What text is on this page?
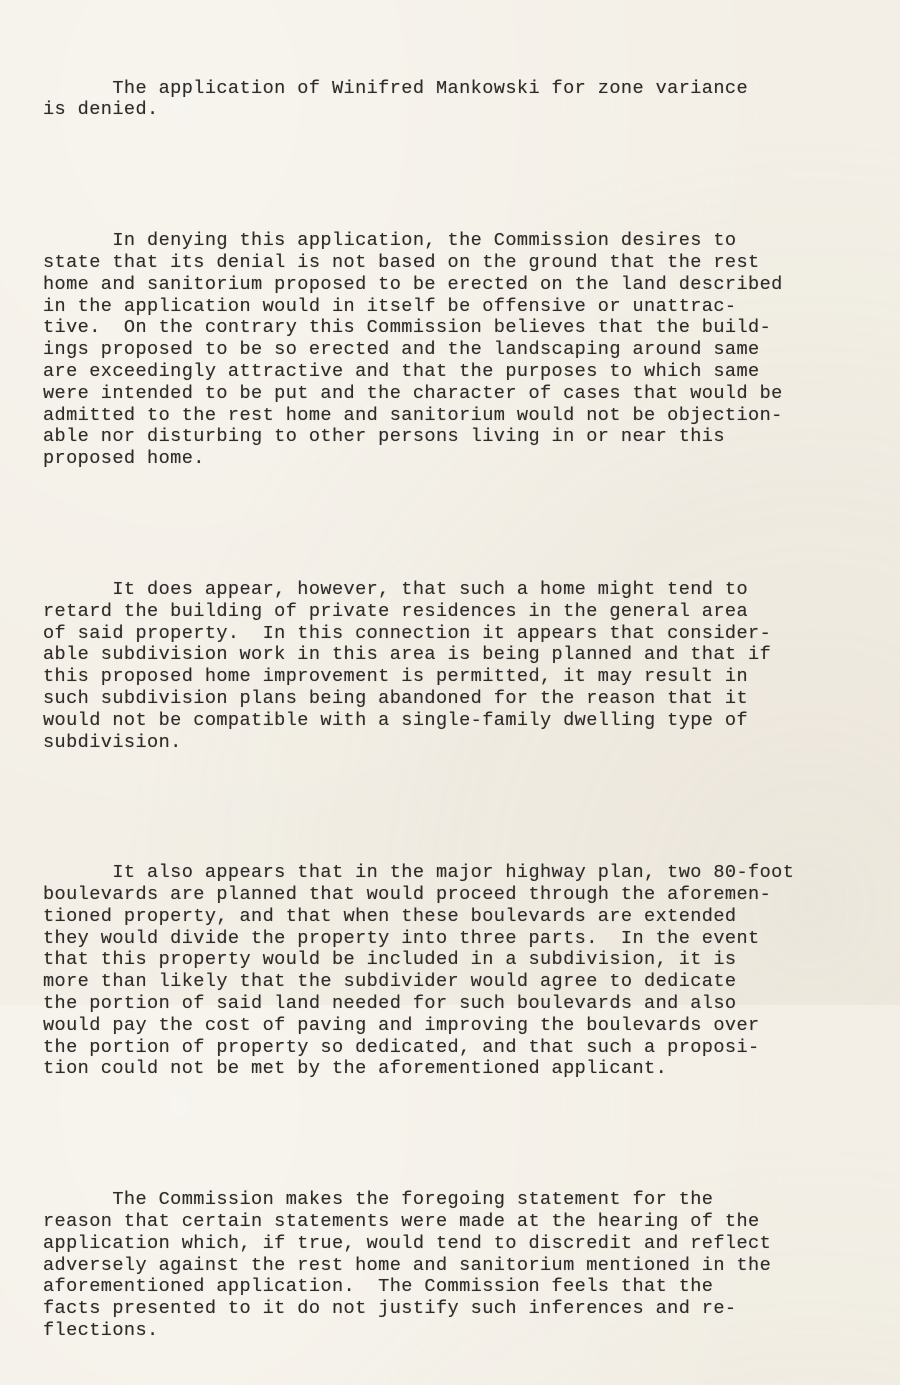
The application of Winifred Mankowski for zone variance
is denied.

In denying this application, the Commission desires to
state that its denial is not based on the ground that the rest
home and sanitorium proposed to be erected on the land described
in the application would in itself be offensive or unattrac-
tive.  On the contrary this Commission believes that the build-
ings proposed to be so erected and the landscaping around same
are exceedingly attractive and that the purposes to which same
were intended to be put and the character of cases that would be
admitted to the rest home and sanitorium would not be objection-
able nor disturbing to other persons living in or near this
proposed home.

It does appear, however, that such a home might tend to
retard the building of private residences in the general area
of said property.  In this connection it appears that consider-
able subdivision work in this area is being planned and that if
this proposed home improvement is permitted, it may result in
such subdivision plans being abandoned for the reason that it
would not be compatible with a single-family dwelling type of
subdivision.

It also appears that in the major highway plan, two 80-foot
boulevards are planned that would proceed through the aforemen-
tioned property, and that when these boulevards are extended
they would divide the property into three parts.  In the event
that this property would be included in a subdivision, it is
more than likely that the subdivider would agree to dedicate
the portion of said land needed for such boulevards and also
would pay the cost of paving and improving the boulevards over
the portion of property so dedicated, and that such a proposi-
tion could not be met by the aforementioned applicant.

The Commission makes the foregoing statement for the
reason that certain statements were made at the hearing of the
application which, if true, would tend to discredit and reflect
adversely against the rest home and sanitorium mentioned in the
aforementioned application.  The Commission feels that the
facts presented to it do not justify such inferences and re-
flections.
